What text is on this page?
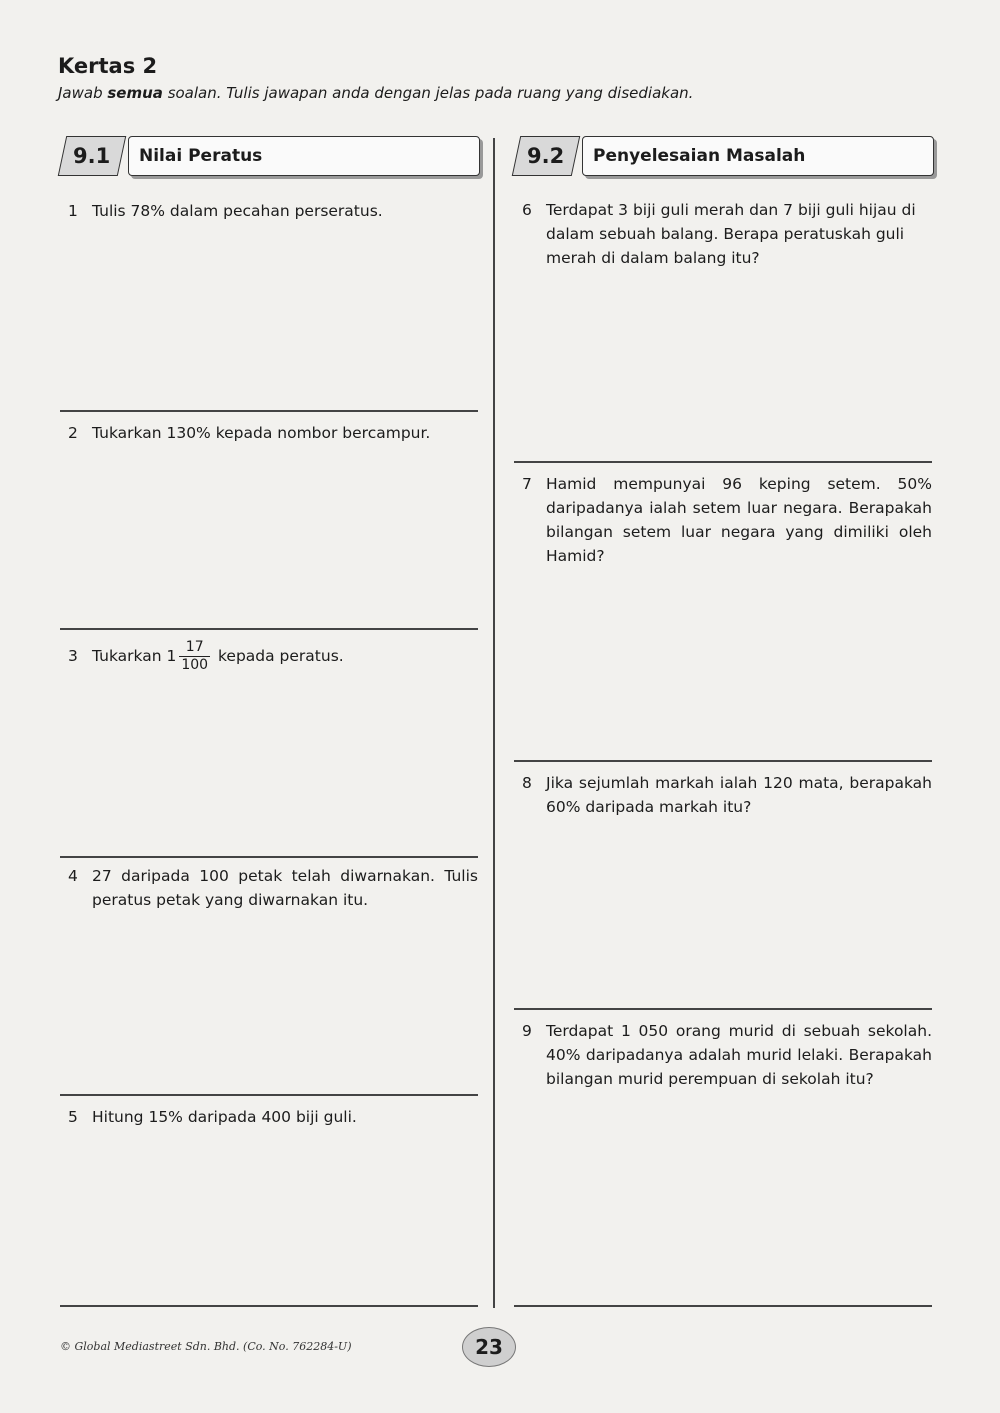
Kertas 2
Jawab semua soalan. Tulis jawapan anda dengan jelas pada ruang yang disediakan.
9.1	Nilai Peratus	9.2	Penyelesaian Masalah
1 Tulis 78% dalam pecahan perseratus.
2 Tukarkan 130% kepada nombor bercampur.
3 Tukarkan $1 \frac{17}{100}$ kepada peratus.
4 27 daripada 100 petak telah diwarnakan. Tulis peratus petak yang diwarnakan itu.
5 Hitung 15% daripada 400 biji guli.
6 Terdapat 3 biji guli merah dan 7 biji guli hijau di dalam sebuah balang. Berapa peratuskah guli merah di dalam balang itu?
7 Hamid mempunyai 96 keping setem. 50% daripadanya ialah setem luar negara. Berapakah bilangan setem luar negara yang dimiliki oleh Hamid?
8 Jika sejumlah markah ialah 120 mata, berapakah 60% daripada markah itu?
9 Terdapat 1 050 orang murid di sebuah sekolah. 40% daripadanya adalah murid lelaki. Berapakah bilangan murid perempuan di sekolah itu?
© Global Mediastreet Sdn. Bhd. (Co. No. 762284-U)	23
